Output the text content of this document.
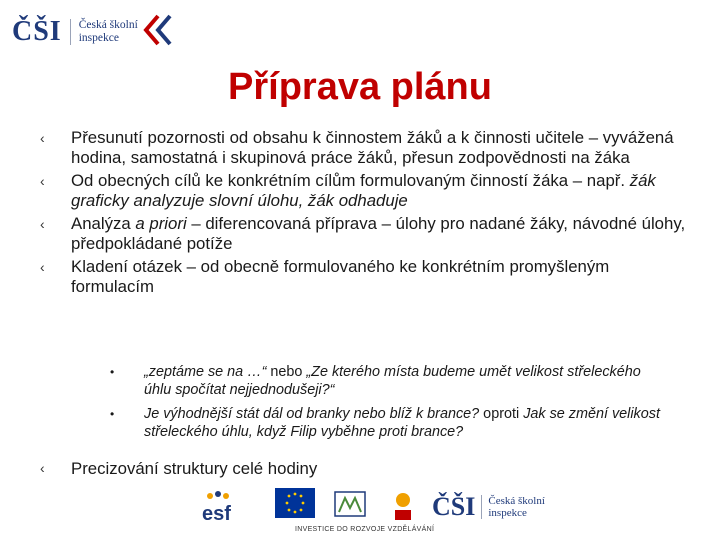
ČŠI Česká školní
inspekce
Příprava plánu
‹ Přesunutí pozornosti od obsahu k činnostem žáků a k činnosti učitele – vyvážená hodina, samostatná i skupinová práce žáků, přesun zodpovědnosti na žáka
‹ Od obecných cílů ke konkrétním cílům formulovaným činností žáka – např. žák graficky analyzuje slovní úlohu, žák odhaduje
‹ Analýza a priori – diferencovaná příprava – úlohy pro nadané žáky, návodné úlohy, předpokládané potíže
‹ Kladení otázek – od obecně formulovaného ke konkrétním promyšleným formulacím
• „zeptáme se na …“ nebo „Ze kterého místa budeme umět velikost střeleckého úhlu spočítat nejjednodušeji?“
• Je výhodnější stát dál od branky nebo blíž k brance? oproti Jak se změní velikost střeleckého úhlu, když Filip vyběhne proti brance?
‹ Precizování struktury celé hodiny
esf	ČŠI Česká školní
inspekce
INVESTICE DO ROZVOJE VZDĚLÁVÁNÍ
